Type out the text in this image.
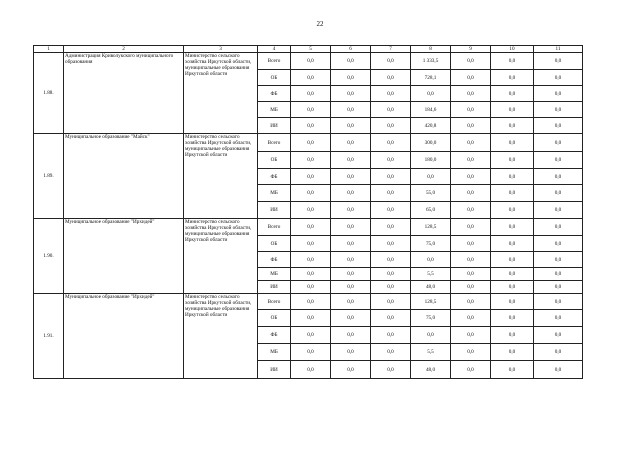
22
1	2	3	4	5	6	7	8	9	10	11
1.88.	Администрация Криволукского муниципального образования	Министерство сельского хозяйства Иркутской области, муниципальные образования Иркутской области	Всего	0,0	0,0	0,0	1 333,5	0,0	0,0	0,0
			ОБ	0,0	0,0	0,0	728,1	0,0	0,0	0,0
			ФБ	0,0	0,0	0,0	0,0	0,0	0,0	0,0
			МБ	0,0	0,0	0,0	184,6	0,0	0,0	0,0
			ИИ	0,0	0,0	0,0	420,8	0,0	0,0	0,0
1.89.	Муниципальное образование "Майск"	Министерство сельского хозяйства Иркутской области, муниципальные образования Иркутской области	Всего	0,0	0,0	0,0	300,0	0,0	0,0	0,0
			ОБ	0,0	0,0	0,0	180,0	0,0	0,0	0,0
			ФБ	0,0	0,0	0,0	0,0	0,0	0,0	0,0
			МБ	0,0	0,0	0,0	55,0	0,0	0,0	0,0
			ИИ	0,0	0,0	0,0	65,0	0,0	0,0	0,0
1.90.	Муниципальное образование "Ирхидей"	Министерство сельского хозяйства Иркутской области, муниципальные образования Иркутской области	Всего	0,0	0,0	0,0	128,5	0,0	0,0	0,0
			ОБ	0,0	0,0	0,0	75,0	0,0	0,0	0,0
			ФБ	0,0	0,0	0,0	0,0	0,0	0,0	0,0
			МБ	0,0	0,0	0,0	5,5	0,0	0,0	0,0
			ИИ	0,0	0,0	0,0	48,0	0,0	0,0	0,0
1.91.	Муниципальное образование "Ирхидей"	Министерство сельского хозяйства Иркутской области, муниципальные образования Иркутской области	Всего	0,0	0,0	0,0	128,5	0,0	0,0	0,0
			ОБ	0,0	0,0	0,0	75,0	0,0	0,0	0,0
			ФБ	0,0	0,0	0,0	0,0	0,0	0,0	0,0
			МБ	0,0	0,0	0,0	5,5	0,0	0,0	0,0
			ИИ	0,0	0,0	0,0	48,0	0,0	0,0	0,0
